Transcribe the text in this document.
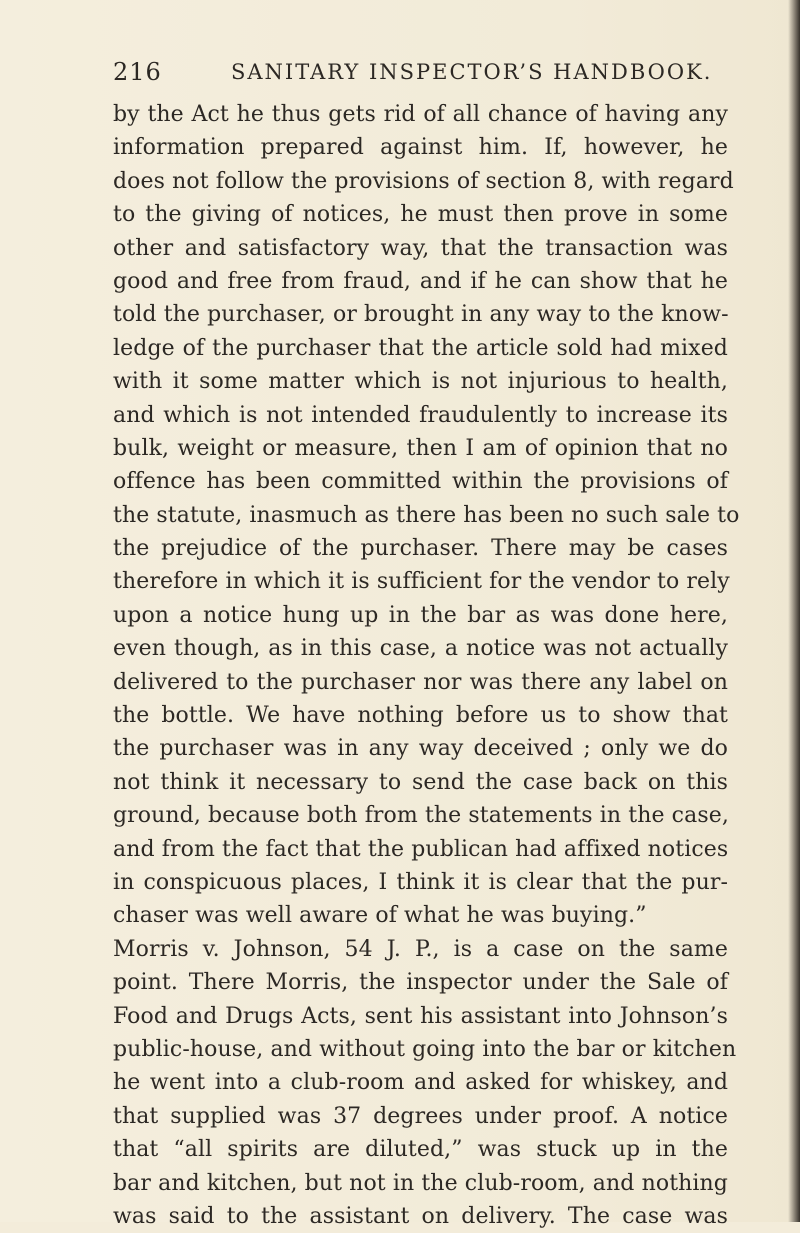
216	SANITARY INSPECTOR’S HANDBOOK.
by the Act he thus gets rid of all chance of having any
information prepared against him. If, however, he
does not follow the provisions of section 8, with regard
to the giving of notices, he must then prove in some
other and satisfactory way, that the transaction was
good and free from fraud, and if he can show that he
told the purchaser, or brought in any way to the know-
ledge of the purchaser that the article sold had mixed
with it some matter which is not injurious to health,
and which is not intended fraudulently to increase its
bulk, weight or measure, then I am of opinion that no
offence has been committed within the provisions of
the statute, inasmuch as there has been no such sale to
the prejudice of the purchaser. There may be cases
therefore in which it is sufficient for the vendor to rely
upon a notice hung up in the bar as was done here,
even though, as in this case, a notice was not actually
delivered to the purchaser nor was there any label on
the bottle. We have nothing before us to show that
the purchaser was in any way deceived ; only we do
not think it necessary to send the case back on this
ground, because both from the statements in the case,
and from the fact that the publican had affixed notices
in conspicuous places, I think it is clear that the pur-
chaser was well aware of what he was buying.”
Morris v. Johnson, 54 J. P., is a case on the same
point. There Morris, the inspector under the Sale of
Food and Drugs Acts, sent his assistant into Johnson’s
public-house, and without going into the bar or kitchen
he went into a club-room and asked for whiskey, and
that supplied was 37 degrees under proof. A notice
that “all spirits are diluted,” was stuck up in the
bar and kitchen, but not in the club-room, and nothing
was said to the assistant on delivery. The case was
